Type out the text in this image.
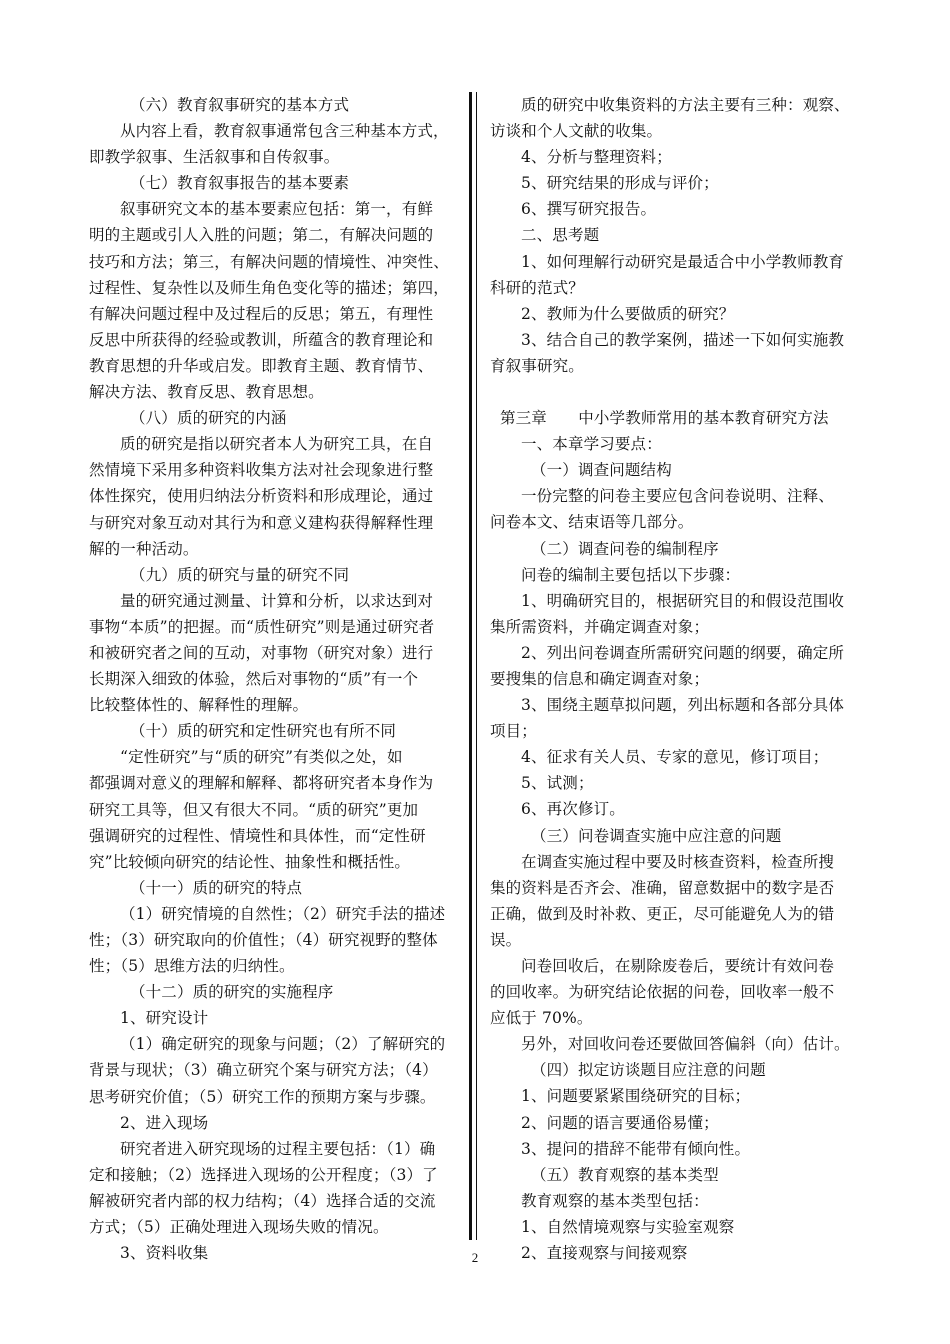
（六）教育叙事研究的基本方式
从内容上看，教育叙事通常包含三种基本方式，
即教学叙事、生活叙事和自传叙事。
（七）教育叙事报告的基本要素
叙事研究文本的基本要素应包括：第一，有鲜
明的主题或引人入胜的问题；第二，有解决问题的
技巧和方法；第三，有解决问题的情境性、冲突性、
过程性、复杂性以及师生角色变化等的描述；第四，
有解决问题过程中及过程后的反思；第五，有理性
反思中所获得的经验或教训，所蕴含的教育理论和
教育思想的升华或启发。即教育主题、教育情节、
解决方法、教育反思、教育思想。
（八）质的研究的内涵
质的研究是指以研究者本人为研究工具，在自
然情境下采用多种资料收集方法对社会现象进行整
体性探究，使用归纳法分析资料和形成理论，通过
与研究对象互动对其行为和意义建构获得解释性理
解的一种活动。
（九）质的研究与量的研究不同
量的研究通过测量、计算和分析，以求达到对
事物“本质”的把握。而“质性研究”则是通过研究者
和被研究者之间的互动，对事物（研究对象）进行
长期深入细致的体验，然后对事物的“质”有一个
比较整体性的、解释性的理解。
（十）质的研究和定性研究也有所不同
“定性研究”与“质的研究”有类似之处，如
都强调对意义的理解和解释、都将研究者本身作为
研究工具等，但又有很大不同。“质的研究”更加
强调研究的过程性、情境性和具体性，而“定性研
究”比较倾向研究的结论性、抽象性和概括性。
（十一）质的研究的特点
（1）研究情境的自然性；（2）研究手法的描述
性；（3）研究取向的价值性；（4）研究视野的整体
性；（5）思维方法的归纳性。
（十二）质的研究的实施程序
1、研究设计
（1）确定研究的现象与问题；（2）了解研究的
背景与现状；（3）确立研究个案与研究方法；（4）
思考研究价值；（5）研究工作的预期方案与步骤。
2、进入现场
研究者进入研究现场的过程主要包括：（1）确
定和接触；（2）选择进入现场的公开程度；（3）了
解被研究者内部的权力结构；（4）选择合适的交流
方式；（5）正确处理进入现场失败的情况。
3、资料收集
质的研究中收集资料的方法主要有三种：观察、
访谈和个人文献的收集。
4、分析与整理资料；
5、研究结果的形成与评价；
6、撰写研究报告。
二、思考题
1、如何理解行动研究是最适合中小学教师教育
科研的范式？
2、教师为什么要做质的研究？
3、结合自己的教学案例，描述一下如何实施教
育叙事研究。
第三章　　中小学教师常用的基本教育研究方法
一、本章学习要点：
（一）调查问题结构
一份完整的问卷主要应包含问卷说明、注释、
问卷本文、结束语等几部分。
（二）调查问卷的编制程序
问卷的编制主要包括以下步骤：
1、明确研究目的，根据研究目的和假设范围收
集所需资料，并确定调查对象；
2、列出问卷调查所需研究问题的纲要，确定所
要搜集的信息和确定调查对象；
3、围绕主题草拟问题，列出标题和各部分具体
项目；
4、征求有关人员、专家的意见，修订项目；
5、试测；
6、再次修订。
（三）问卷调查实施中应注意的问题
在调查实施过程中要及时核查资料，检查所搜
集的资料是否齐会、准确，留意数据中的数字是否
正确，做到及时补救、更正，尽可能避免人为的错
误。
问卷回收后，在剔除废卷后，要统计有效问卷
的回收率。为研究结论依据的问卷，回收率一般不
应低于 70%。
另外，对回收问卷还要做回答偏斜（向）估计。
（四）拟定访谈题目应注意的问题
1、问题要紧紧围绕研究的目标；
2、问题的语言要通俗易懂；
3、提问的措辞不能带有倾向性。
（五）教育观察的基本类型
教育观察的基本类型包括：
1、自然情境观察与实验室观察
2、直接观察与间接观察
2
